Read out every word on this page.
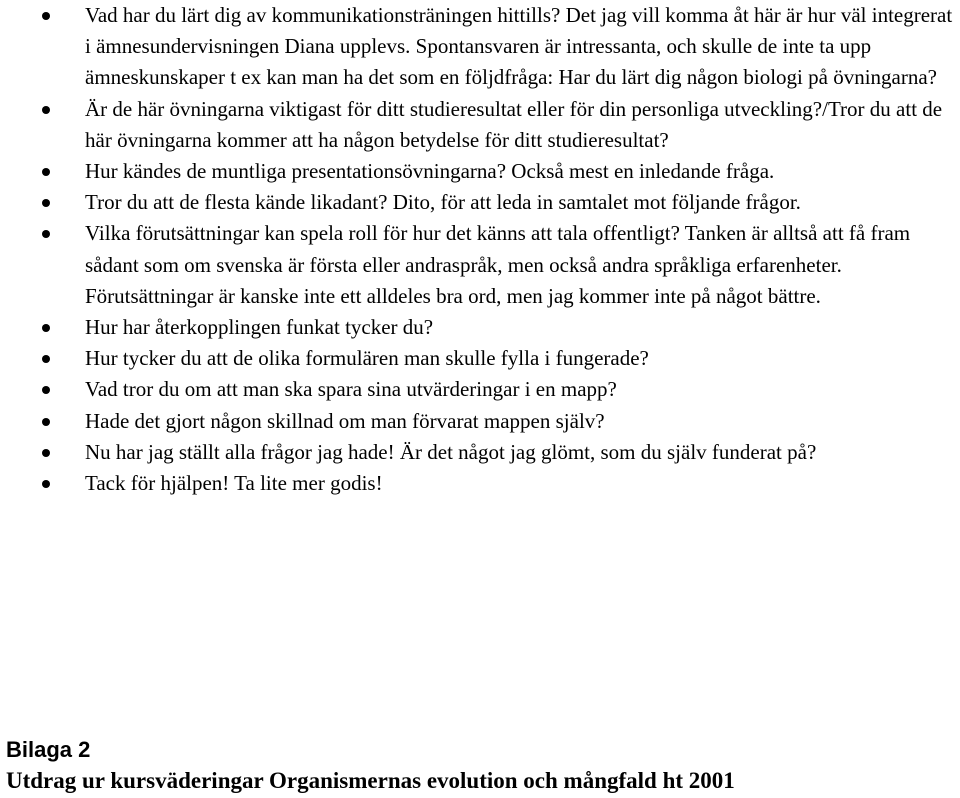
Vad har du lärt dig av kommunikationsträningen hittills? Det jag vill komma åt här är hur väl integrerat i ämnesundervisningen Diana upplevs. Spontansvaren är intressanta, och skulle de inte ta upp ämneskunskaper t ex kan man ha det som en följdfråga: Har du lärt dig någon biologi på övningarna?
Är de här övningarna viktigast för ditt studieresultat eller för din personliga utveckling?/Tror du att de här övningarna kommer att ha någon betydelse för ditt studieresultat?
Hur kändes de muntliga presentationsövningarna? Också mest en inledande fråga.
Tror du att de flesta kände likadant? Dito, för att leda in samtalet mot följande frågor.
Vilka förutsättningar kan spela roll för hur det känns att tala offentligt? Tanken är alltså att få fram sådant som om svenska är första eller andraspråk, men också andra språkliga erfarenheter. Förutsättningar är kanske inte ett alldeles bra ord, men jag kommer inte på något bättre.
Hur har återkopplingen funkat tycker du?
Hur tycker du att de olika formulären man skulle fylla i fungerade?
Vad tror du om att man ska spara sina utvärderingar i en mapp?
Hade det gjort någon skillnad om man förvarat mappen själv?
Nu har jag ställt alla frågor jag hade! Är det något jag glömt, som du själv funderat på?
Tack för hjälpen! Ta lite mer godis!
Bilaga 2
Utdrag ur kursväderingar Organismernas evolution och mångfald ht 2001
